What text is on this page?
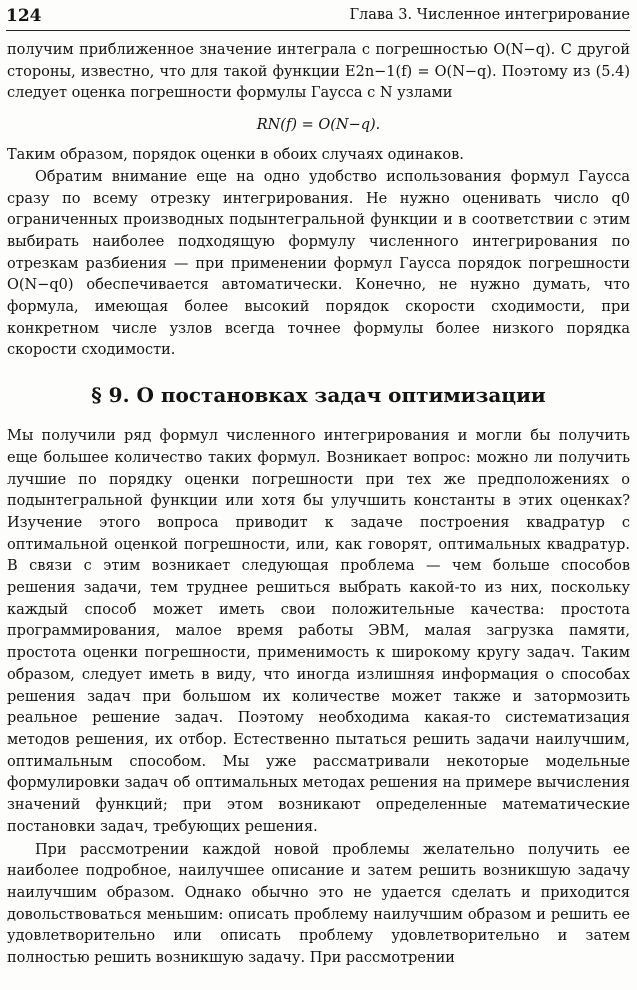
124	Глава 3. Численное интегрирование

получим приближенное значение интеграла с погрешностью O(N−q). С другой стороны, известно, что для такой функции E2n−1(f) = O(N−q). Поэтому из (5.4) следует оценка погрешности формулы Гаусса с N узлами

RN(f) = O(N−q).

Таким образом, порядок оценки в обоих случаях одинаков.

Обратим внимание еще на одно удобство использования формул Гаусса сразу по всему отрезку интегрирования. Не нужно оценивать число q0 ограниченных производных подынтегральной функции и в соответствии с этим выбирать наиболее подходящую формулу численного интегрирования по отрезкам разбиения — при применении формул Гаусса порядок погрешности O(N−q0) обеспечивается автоматически. Конечно, не нужно думать, что формула, имеющая более высокий порядок скорости сходимости, при конкретном числе узлов всегда точнее формулы более низкого порядка скорости сходимости.

§ 9. О постановках задач оптимизации

Мы получили ряд формул численного интегрирования и могли бы получить еще большее количество таких формул. Возникает вопрос: можно ли получить лучшие по порядку оценки погрешности при тех же предположениях о подынтегральной функции или хотя бы улучшить константы в этих оценках? Изучение этого вопроса приводит к задаче построения квадратур с оптимальной оценкой погрешности, или, как говорят, оптимальных квадратур. В связи с этим возникает следующая проблема — чем больше способов решения задачи, тем труднее решиться выбрать какой-то из них, поскольку каждый способ может иметь свои положительные качества: простота программирования, малое время работы ЭВМ, малая загрузка памяти, простота оценки погрешности, применимость к широкому кругу задач. Таким образом, следует иметь в виду, что иногда излишняя информация о способах решения задач при большом их количестве может также и затормозить реальное решение задач. Поэтому необходима какая-то систематизация методов решения, их отбор. Естественно пытаться решить задачи наилучшим, оптимальным способом. Мы уже рассматривали некоторые модельные формулировки задач об оптимальных методах решения на примере вычисления значений функций; при этом возникают определенные математические постановки задач, требующих решения.

При рассмотрении каждой новой проблемы желательно получить ее наиболее подробное, наилучшее описание и затем решить возникшую задачу наилучшим образом. Однако обычно это не удается сделать и приходится довольствоваться меньшим: описать проблему наилучшим образом и решить ее удовлетворительно или описать проблему удовлетворительно и затем полностью решить возникшую задачу. При рассмотрении
